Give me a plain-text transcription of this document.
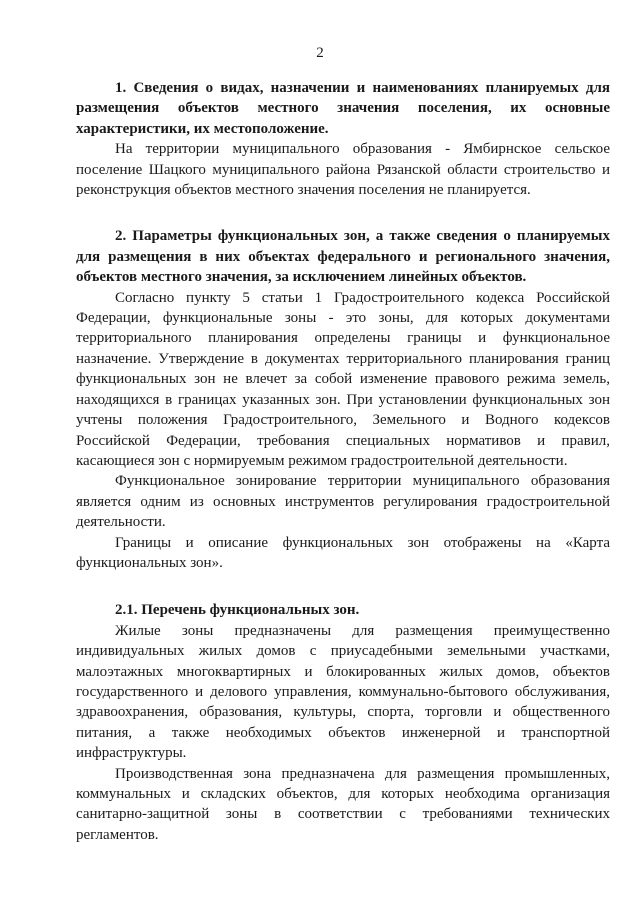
2

1. Сведения о видах, назначении и наименованиях планируемых для размещения объектов местного значения поселения, их основные характеристики, их местоположение.

На территории муниципального образования - Ямбирнское сельское поселение Шацкого муниципального района Рязанской области строительство и реконструкция объектов местного значения поселения не планируется.

2. Параметры функциональных зон, а также сведения о планируемых для размещения в них объектах федерального и регионального значения, объектов местного значения, за исключением линейных объектов.

Согласно пункту 5 статьи 1 Градостроительного кодекса Российской Федерации, функциональные зоны - это зоны, для которых документами территориального планирования определены границы и функциональное назначение. Утверждение в документах территориального планирования границ функциональных зон не влечет за собой изменение правового режима земель, находящихся в границах указанных зон. При установлении функциональных зон учтены положения Градостроительного, Земельного и Водного кодексов Российской Федерации, требования специальных нормативов и правил, касающиеся зон с нормируемым режимом градостроительной деятельности.

Функциональное зонирование территории муниципального образования является одним из основных инструментов регулирования градостроительной деятельности.

Границы и описание функциональных зон отображены на «Карта функциональных зон».

2.1. Перечень функциональных зон.

Жилые зоны предназначены для размещения преимущественно индивидуальных жилых домов с приусадебными земельными участками, малоэтажных многоквартирных и блокированных жилых домов, объектов государственного и делового управления, коммунально-бытового обслуживания, здравоохранения, образования, культуры, спорта, торговли и общественного питания, а также необходимых объектов инженерной и транспортной инфраструктуры.

Производственная зона предназначена для размещения промышленных, коммунальных и складских объектов, для которых необходима организация санитарно-защитной зоны в соответствии с требованиями технических регламентов.
